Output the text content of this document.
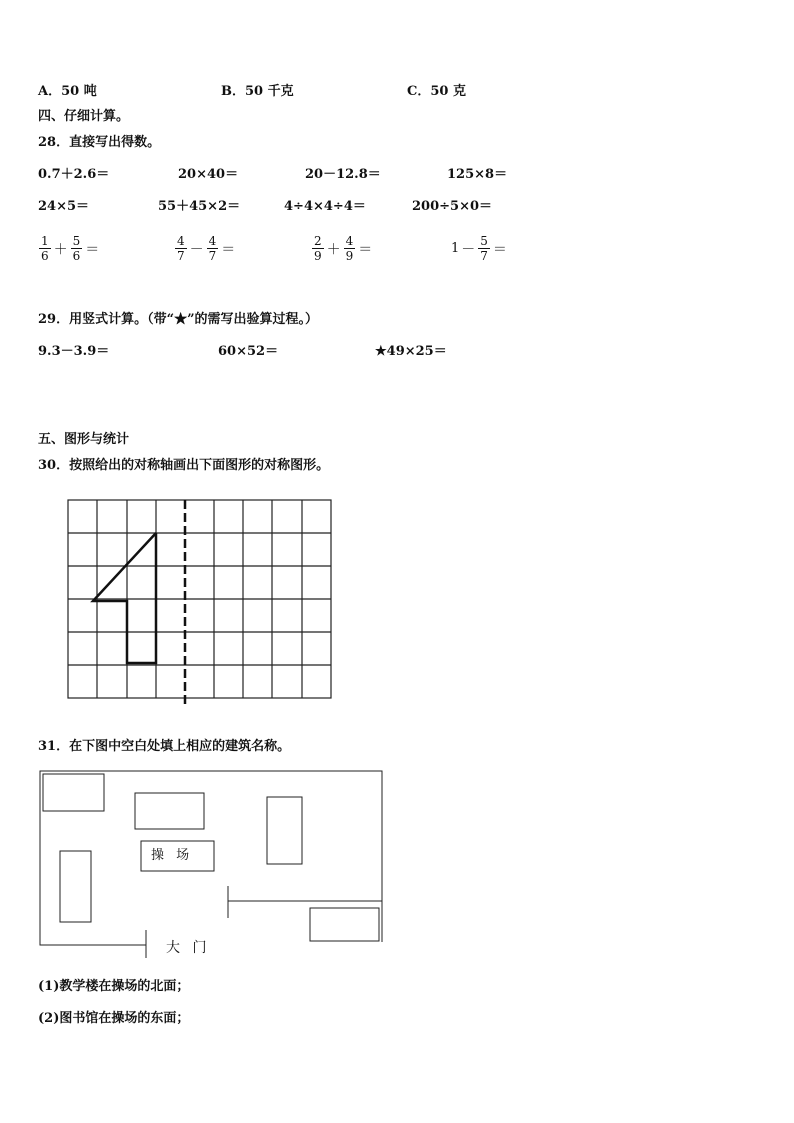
A．50 吨	B．50 千克	C．50 克
四、仔细计算。
28．直接写出得数。
0.7＋2.6＝	20×40＝	20－12.8＝	125×8＝
24×5＝	55＋45×2＝	4÷4×4÷4＝	200÷5×0＝
$\frac{1}{6} + \frac{5}{6}$ ＝	$\frac{4}{7} - \frac{4}{7}$ ＝	$\frac{2}{9} + \frac{4}{9}$ ＝	$1 - \frac{5}{7}$ ＝
29．用竖式计算。（带“★”的需写出验算过程。）
9.3－3.9＝	60×52＝	★49×25＝
五、图形与统计
30．按照给出的对称轴画出下面图形的对称图形。
31．在下图中空白处填上相应的建筑名称。
操 场
大 门
(1)教学楼在操场的北面；
(2)图书馆在操场的东面；
